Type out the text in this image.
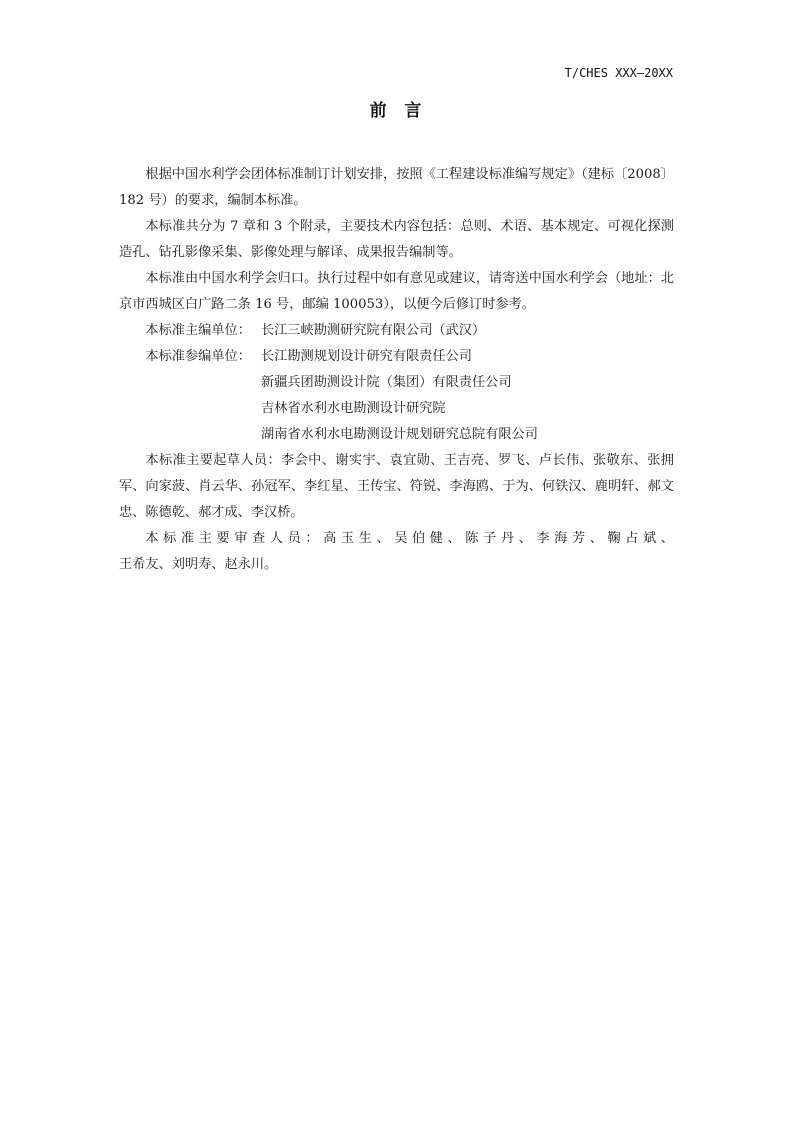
T/CHES XXX—20XX
前  言

根据中国水利学会团体标准制订计划安排，按照《工程建设标准编写规定》（建标〔2008〕182 号）的要求，编制本标准。

本标准共分为 7 章和 3 个附录，主要技术内容包括：总则、术语、基本规定、可视化探测造孔、钻孔影像采集、影像处理与解译、成果报告编制等。

本标准由中国水利学会归口。执行过程中如有意见或建议，请寄送中国水利学会（地址：北京市西城区白广路二条 16 号，邮编 100053），以便今后修订时参考。

本标准主编单位： 长江三峡勘测研究院有限公司（武汉）

本标准参编单位： 长江勘测规划设计研究有限责任公司

新疆兵团勘测设计院（集团）有限责任公司

吉林省水利水电勘测设计研究院

湖南省水利水电勘测设计规划研究总院有限公司

本标准主要起草人员：李会中、谢实宇、袁宜勋、王吉亮、罗飞、卢长伟、张敬东、张拥军、向家菠、肖云华、孙冠军、李红星、王传宝、符锐、李海鸥、于为、何铁汉、鹿明轩、郝文忠、陈德乾、郝才成、李汉桥。

本标准主要审查人员：高玉生、吴伯健、陈子丹、李海芳、鞠占斌、

王希友、刘明寿、赵永川。
